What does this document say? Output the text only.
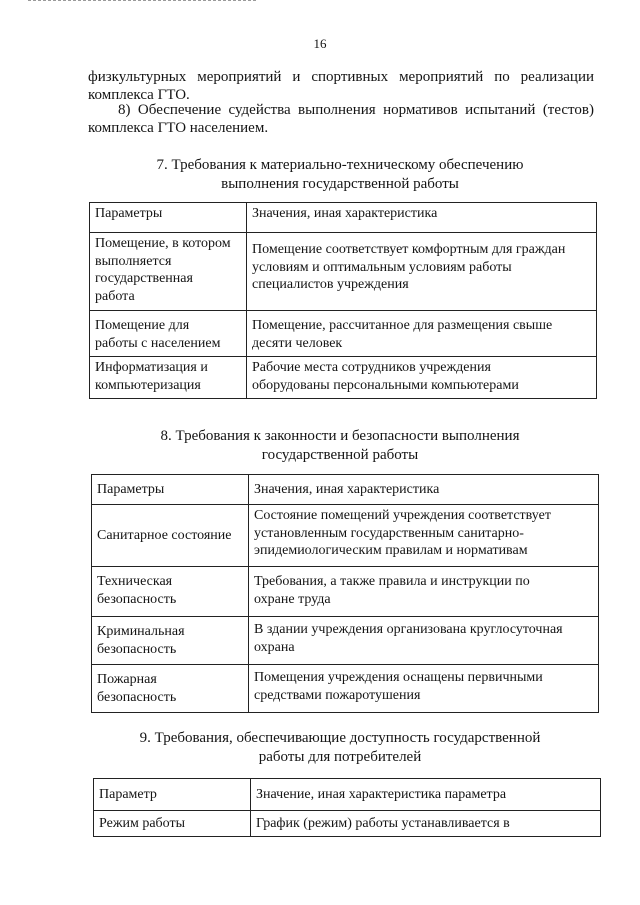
16
физкультурных мероприятий и спортивных мероприятий по реализации
комплекса ГТО.
8) Обеспечение судейства выполнения нормативов испытаний (тестов)
комплекса ГТО населением.
7. Требования к материально-техническому обеспечению
выполнения государственной работы
Параметры	Значения, иная характеристика

Помещение, в котором
выполняется
государственная
работа	Помещение соответствует комфортным для граждан
условиям и оптимальным условиям работы
специалистов учреждения

Помещение для
работы с населением	Помещение, рассчитанное для размещения свыше
десяти человек

Информатизация и
компьютеризация	Рабочие места сотрудников учреждения
оборудованы персональными компьютерами
8. Требования к законности и безопасности выполнения
государственной работы
Параметры	Значения, иная характеристика

Санитарное состояние	Состояние помещений учреждения соответствует
установленным государственным санитарно-
эпидемиологическим правилам и нормативам

Техническая
безопасность	Требования, а также правила и инструкции по
охране труда

Криминальная
безопасность	В здании учреждения организована круглосуточная
охрана

Пожарная
безопасность	Помещения учреждения оснащены первичными
средствами пожаротушения
9. Требования, обеспечивающие доступность государственной
работы для потребителей
Параметр	Значение, иная характеристика параметра

Режим работы	График (режим) работы устанавливается в
